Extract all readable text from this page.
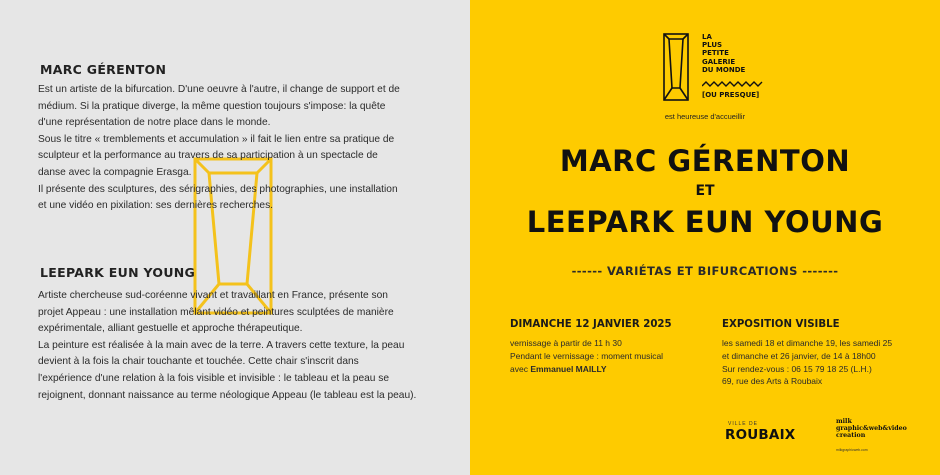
MARC GÉRENTON

Est un artiste de la bifurcation. D'une oeuvre à l'autre, il change de support et de

médium. Si la pratique diverge, la même question toujours s'impose: la quête

d'une représentation de notre place dans le monde.

Sous le titre « tremblements et accumulation » il fait le lien entre sa pratique de

sculpteur et la performance au travers de sa participation à un spectacle de

danse avec la compagnie Erasga.

Il présente des sculptures, des sérigraphies, des photographies, une installation

et une vidéo en pixilation: ses dernières recherches.

LEEPARK EUN YOUNG

Artiste chercheuse sud-coréenne vivant et travaillant en France, présente son

projet Appeau : une installation mêlant vidéo et peintures sculptées de manière

expérimentale, alliant gestuelle et approche thérapeutique.

La peinture est réalisée à la main avec de la terre. A travers cette texture, la peau

devient à la fois la chair touchante et touchée. Cette chair s'inscrit dans

l'expérience d'une relation à la fois visible et invisible : le tableau et la peau se

rejoignent, donnant naissance au terme néologique Appeau (le tableau est la peau).

LA
PLUS
PETITE
GALERIE
DU MONDE
[OU PRESQUE]
est heureuse d'accueillir
MARC GÉRENTON
ET
LEEPARK EUN YOUNG
------ VARIÉTAS ET BIFURCATIONS -------
DIMANCHE 12 JANVIER 2025
vernissage à partir de 11 h 30
Pendant le vernissage : moment musical
avec Emmanuel MAILLY
EXPOSITION VISIBLE
les samedi 18 et dimanche 19, les samedi 25
et dimanche et 26 janvier, de 14 à 18h00
Sur rendez-vous : 06 15 79 18 25 (L.H.)
69, rue des Arts à Roubaix
VILLE DE
ROUBAIX
milk
graphic&web&video
creation
milkgraphicweb.com
